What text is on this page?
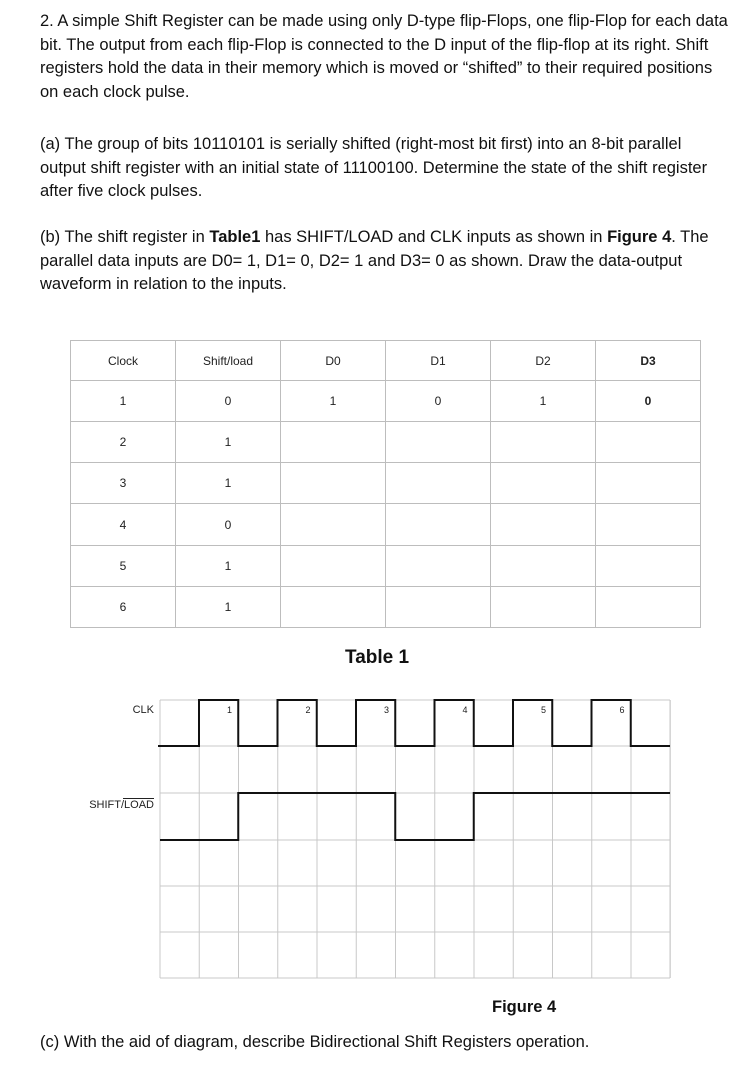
2. A simple Shift Register can be made using only D-type flip-Flops, one flip-Flop for each data bit. The output from each flip-Flop is connected to the D input of the flip-flop at its right. Shift registers hold the data in their memory which is moved or “shifted” to their required positions on each clock pulse.

(a) The group of bits 10110101 is serially shifted (right-most bit first) into an 8-bit parallel output shift register with an initial state of 11100100. Determine the state of the shift register after five clock pulses.

(b) The shift register in Table1 has SHIFT/LOAD and CLK inputs as shown in Figure 4. The parallel data inputs are D0= 1, D1= 0, D2= 1 and D3= 0 as shown. Draw the data-output waveform in relation to the inputs.

Clock	Shift/load	D0	D1	D2	D3
1	0	1	0	1	0
2	1				
3	1				
4	0				
5	1				
6	1				
Table 1
CLK
SHIFT/LOAD
1	2	3	4	5	6
Figure 4

(c) With the aid of diagram, describe Bidirectional Shift Registers operation.
